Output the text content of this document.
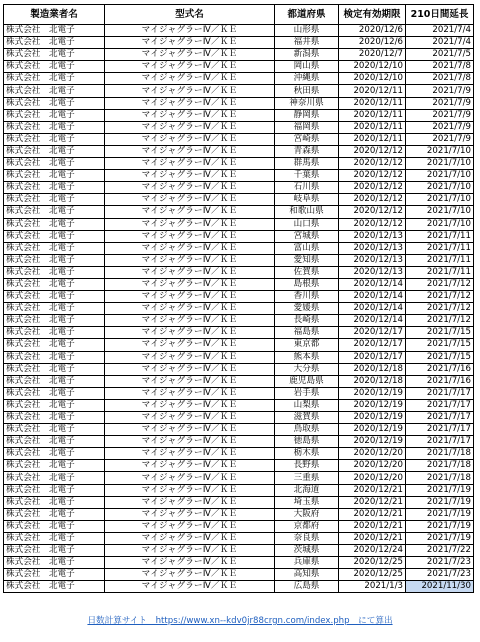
製造業者名	型式名	都道府県	検定有効期限	210日間延長
株式会社　北電子	マイジャグラーⅣ／ＫＥ	山形県	2020/12/6	2021/7/4
株式会社　北電子	マイジャグラーⅣ／ＫＥ	福井県	2020/12/6	2021/7/4
株式会社　北電子	マイジャグラーⅣ／ＫＥ	新潟県	2020/12/7	2021/7/5
株式会社　北電子	マイジャグラーⅣ／ＫＥ	岡山県	2020/12/10	2021/7/8
株式会社　北電子	マイジャグラーⅣ／ＫＥ	沖縄県	2020/12/10	2021/7/8
株式会社　北電子	マイジャグラーⅣ／ＫＥ	秋田県	2020/12/11	2021/7/9
株式会社　北電子	マイジャグラーⅣ／ＫＥ	神奈川県	2020/12/11	2021/7/9
株式会社　北電子	マイジャグラーⅣ／ＫＥ	静岡県	2020/12/11	2021/7/9
株式会社　北電子	マイジャグラーⅣ／ＫＥ	福岡県	2020/12/11	2021/7/9
株式会社　北電子	マイジャグラーⅣ／ＫＥ	宮崎県	2020/12/11	2021/7/9
株式会社　北電子	マイジャグラーⅣ／ＫＥ	青森県	2020/12/12	2021/7/10
株式会社　北電子	マイジャグラーⅣ／ＫＥ	群馬県	2020/12/12	2021/7/10
株式会社　北電子	マイジャグラーⅣ／ＫＥ	千葉県	2020/12/12	2021/7/10
株式会社　北電子	マイジャグラーⅣ／ＫＥ	石川県	2020/12/12	2021/7/10
株式会社　北電子	マイジャグラーⅣ／ＫＥ	岐阜県	2020/12/12	2021/7/10
株式会社　北電子	マイジャグラーⅣ／ＫＥ	和歌山県	2020/12/12	2021/7/10
株式会社　北電子	マイジャグラーⅣ／ＫＥ	山口県	2020/12/12	2021/7/10
株式会社　北電子	マイジャグラーⅣ／ＫＥ	宮城県	2020/12/13	2021/7/11
株式会社　北電子	マイジャグラーⅣ／ＫＥ	富山県	2020/12/13	2021/7/11
株式会社　北電子	マイジャグラーⅣ／ＫＥ	愛知県	2020/12/13	2021/7/11
株式会社　北電子	マイジャグラーⅣ／ＫＥ	佐賀県	2020/12/13	2021/7/11
株式会社　北電子	マイジャグラーⅣ／ＫＥ	島根県	2020/12/14	2021/7/12
株式会社　北電子	マイジャグラーⅣ／ＫＥ	香川県	2020/12/14	2021/7/12
株式会社　北電子	マイジャグラーⅣ／ＫＥ	愛媛県	2020/12/14	2021/7/12
株式会社　北電子	マイジャグラーⅣ／ＫＥ	長崎県	2020/12/14	2021/7/12
株式会社　北電子	マイジャグラーⅣ／ＫＥ	福島県	2020/12/17	2021/7/15
株式会社　北電子	マイジャグラーⅣ／ＫＥ	東京都	2020/12/17	2021/7/15
株式会社　北電子	マイジャグラーⅣ／ＫＥ	熊本県	2020/12/17	2021/7/15
株式会社　北電子	マイジャグラーⅣ／ＫＥ	大分県	2020/12/18	2021/7/16
株式会社　北電子	マイジャグラーⅣ／ＫＥ	鹿児島県	2020/12/18	2021/7/16
株式会社　北電子	マイジャグラーⅣ／ＫＥ	岩手県	2020/12/19	2021/7/17
株式会社　北電子	マイジャグラーⅣ／ＫＥ	山梨県	2020/12/19	2021/7/17
株式会社　北電子	マイジャグラーⅣ／ＫＥ	滋賀県	2020/12/19	2021/7/17
株式会社　北電子	マイジャグラーⅣ／ＫＥ	鳥取県	2020/12/19	2021/7/17
株式会社　北電子	マイジャグラーⅣ／ＫＥ	徳島県	2020/12/19	2021/7/17
株式会社　北電子	マイジャグラーⅣ／ＫＥ	栃木県	2020/12/20	2021/7/18
株式会社　北電子	マイジャグラーⅣ／ＫＥ	長野県	2020/12/20	2021/7/18
株式会社　北電子	マイジャグラーⅣ／ＫＥ	三重県	2020/12/20	2021/7/18
株式会社　北電子	マイジャグラーⅣ／ＫＥ	北海道	2020/12/21	2021/7/19
株式会社　北電子	マイジャグラーⅣ／ＫＥ	埼玉県	2020/12/21	2021/7/19
株式会社　北電子	マイジャグラーⅣ／ＫＥ	大阪府	2020/12/21	2021/7/19
株式会社　北電子	マイジャグラーⅣ／ＫＥ	京都府	2020/12/21	2021/7/19
株式会社　北電子	マイジャグラーⅣ／ＫＥ	奈良県	2020/12/21	2021/7/19
株式会社　北電子	マイジャグラーⅣ／ＫＥ	茨城県	2020/12/24	2021/7/22
株式会社　北電子	マイジャグラーⅣ／ＫＥ	兵庫県	2020/12/25	2021/7/23
株式会社　北電子	マイジャグラーⅣ／ＫＥ	高知県	2020/12/25	2021/7/23
株式会社　北電子	マイジャグラーⅣ／ＫＥ	広島県	2021/1/3	2021/11/30
日数計算サイト　https://www.xn--kdv0jr88crgn.com/index.php　にて算出
